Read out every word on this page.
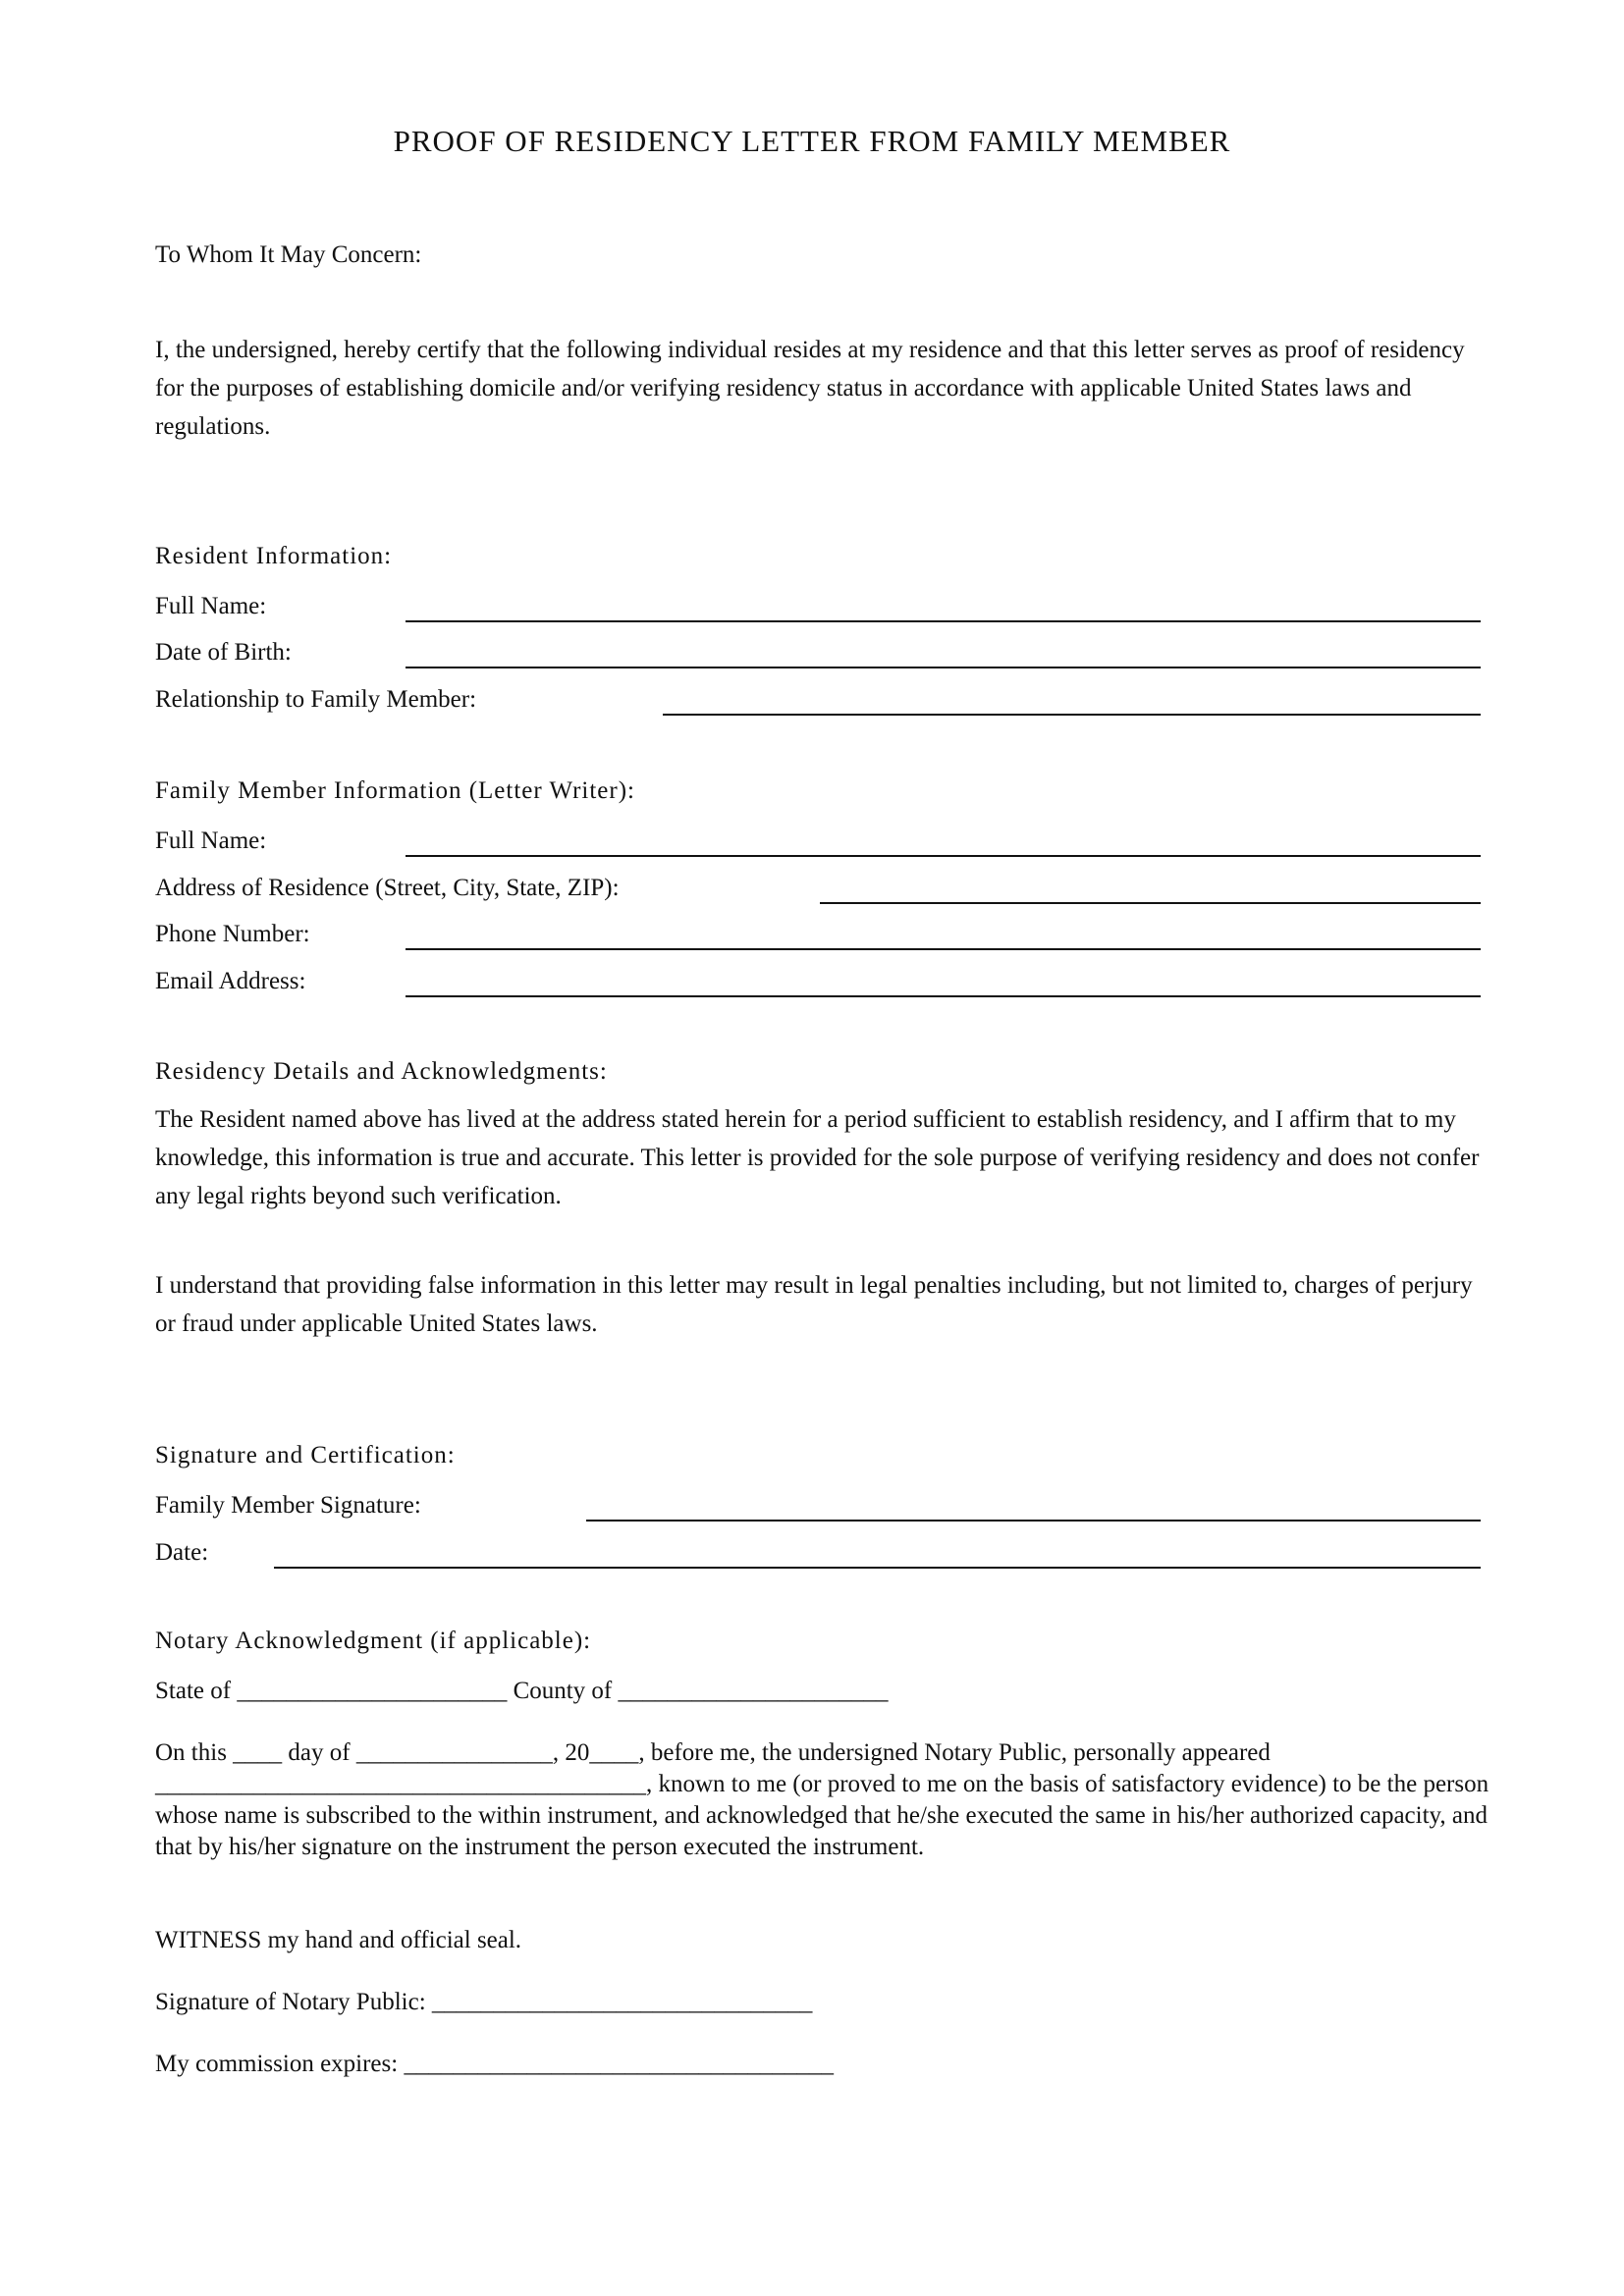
PROOF OF RESIDENCY LETTER FROM FAMILY MEMBER
To Whom It May Concern:
I, the undersigned, hereby certify that the following individual resides at my residence and that this letter serves as proof of residency for the purposes of establishing domicile and/or verifying residency status in accordance with applicable United States laws and regulations.
Resident Information:
Full Name:
Date of Birth:
Relationship to Family Member:
Family Member Information (Letter Writer):
Full Name:
Address of Residence (Street, City, State, ZIP):
Phone Number:
Email Address:
Residency Details and Acknowledgments:
The Resident named above has lived at the address stated herein for a period sufficient to establish residency, and I affirm that to my knowledge, this information is true and accurate. This letter is provided for the sole purpose of verifying residency and does not confer any legal rights beyond such verification.
I understand that providing false information in this letter may result in legal penalties including, but not limited to, charges of perjury or fraud under applicable United States laws.
Signature and Certification:
Family Member Signature:
Date:
Notary Acknowledgment (if applicable):
State of ______________________ County of ______________________
On this ____ day of ________________, 20____, before me, the undersigned Notary Public, personally appeared ________________________________________, known to me (or proved to me on the basis of satisfactory evidence) to be the person whose name is subscribed to the within instrument, and acknowledged that he/she executed the same in his/her authorized capacity, and that by his/her signature on the instrument the person executed the instrument.
WITNESS my hand and official seal.
Signature of Notary Public: _______________________________
My commission expires: ___________________________________
